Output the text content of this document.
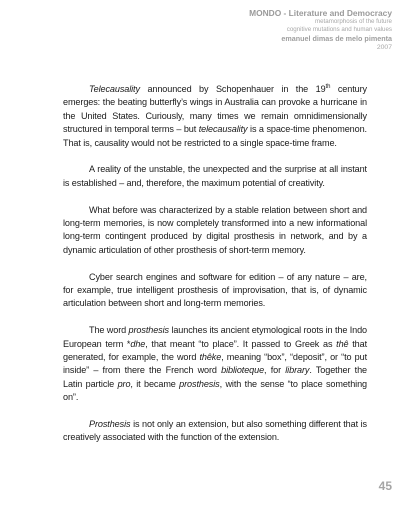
MONDO - Literature and Democracy
metamorphosis of the future
cognitive mutations and human values
emanuel dimas de melo pimenta
2007

Telecausality announced by Schopenhauer in the 19th century emerges: the beating butterfly’s wings in Australia can provoke a hurricane in the United States. Curiously, many times we remain omnidimensionally structured in temporal terms – but telecausality is a space-time phenomenon. That is, causality would not be restricted to a single space-time frame.

A reality of the unstable, the unexpected and the surprise at all instant is established – and, therefore, the maximum potential of creativity.

What before was characterized by a stable relation between short and long-term memories, is now completely transformed into a new informational long-term contingent produced by digital prosthesis in network, and by a dynamic articulation of other prosthesis of short-term memory.

Cyber search engines and software for edition – of any nature – are, for example, true intelligent prosthesis of improvisation, that is, of dynamic articulation between short and long-term memories.

The word prosthesis launches its ancient etymological roots in the Indo European term *dhe, that meant “to place”. It passed to Greek as thê that generated, for example, the word thêke, meaning “box”, “deposit”, or “to put inside” – from there the French word biblioteque, for library. Together the Latin particle pro, it became prosthesis, with the sense “to place something on”.

Prosthesis is not only an extension, but also something different that is creatively associated with the function of the extension.

45
